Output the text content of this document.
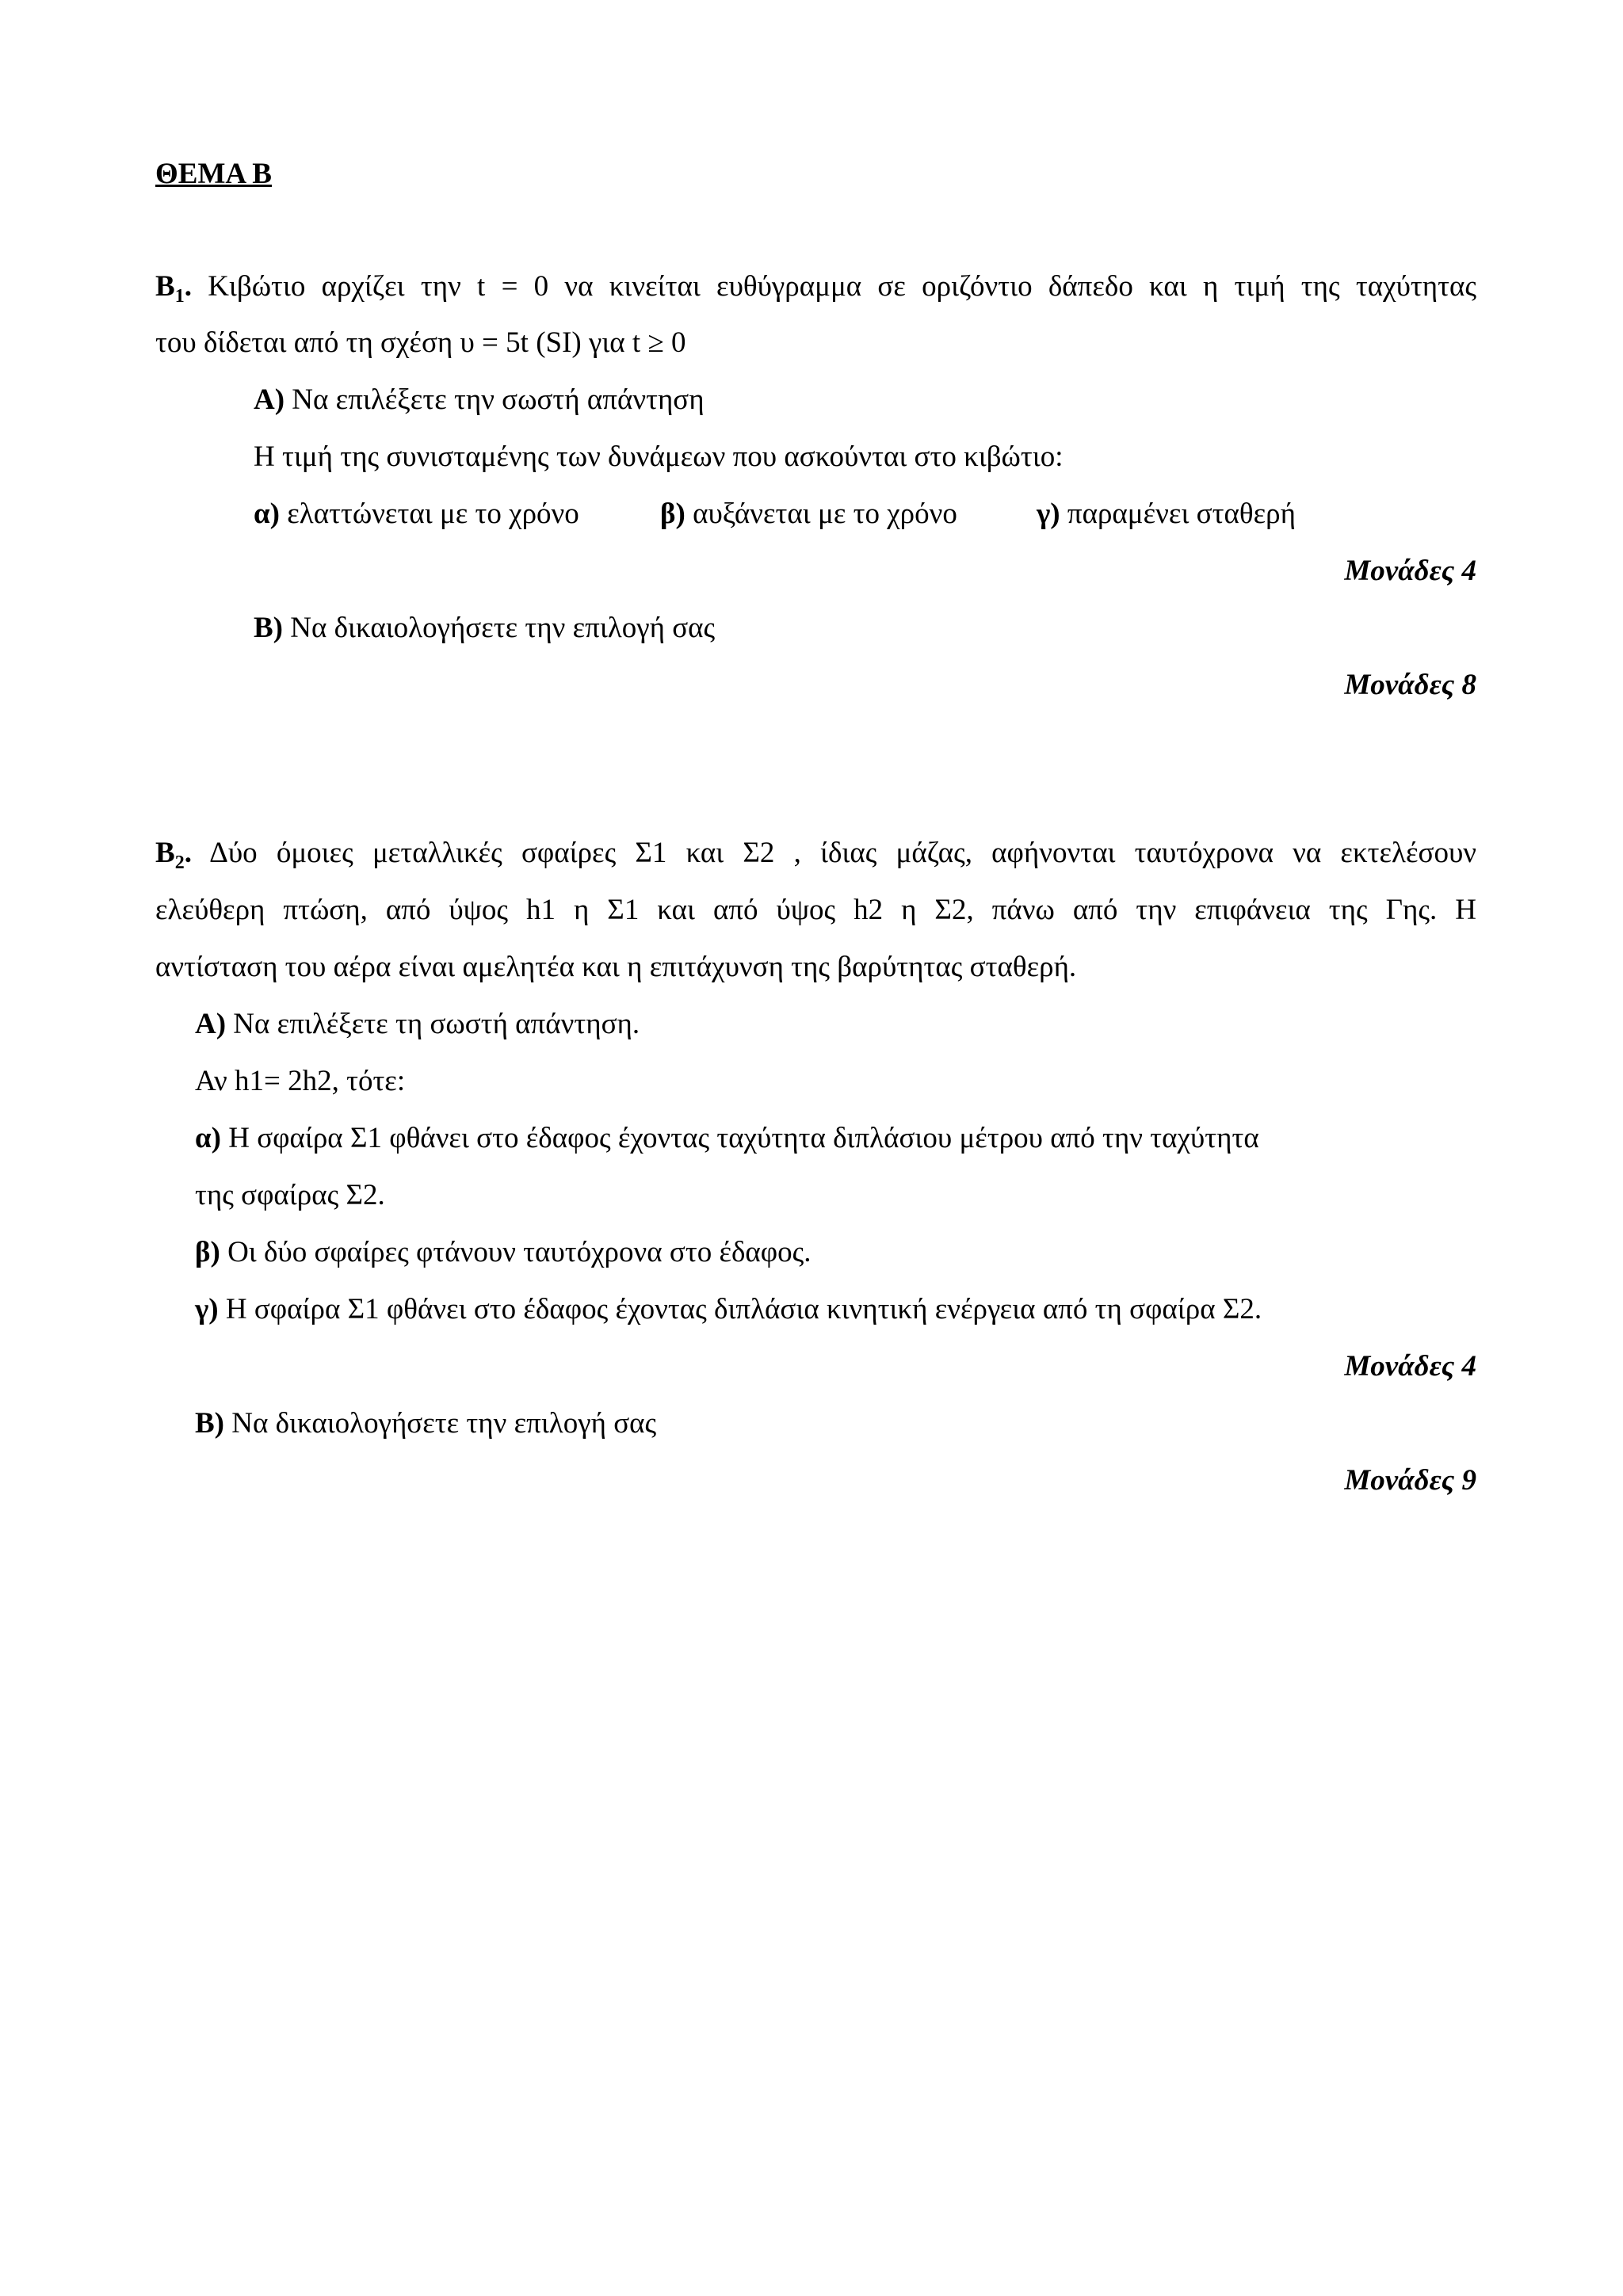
ΘΕΜΑ Β
$B_1$. Κιβώτιο αρχίζει την t = 0 να κινείται ευθύγραμμα σε οριζόντιο δάπεδο και η τιμή της ταχύτητας
του δίδεται από τη σχέση υ = 5t (SI) για t ≥ 0
Α) Να επιλέξετε την σωστή απάντηση
Η τιμή της συνισταμένης των δυνάμεων που ασκούνται στο κιβώτιο:
α) ελαττώνεται με το χρόνο	β) αυξάνεται με το χρόνο	γ) παραμένει σταθερή
Μονάδες 4
Β) Να δικαιολογήσετε την επιλογή σας
Μονάδες 8
$B_2$. Δύο όμοιες μεταλλικές σφαίρες Σ1 και Σ2 , ίδιας μάζας, αφήνονται ταυτόχρονα να εκτελέσουν
ελεύθερη πτώση, από ύψος h1 η Σ1 και από ύψος h2 η Σ2, πάνω από την επιφάνεια της Γης. Η
αντίσταση του αέρα είναι αμελητέα και η επιτάχυνση της βαρύτητας σταθερή.
Α) Να επιλέξετε τη σωστή απάντηση.
Αν h1= 2h2, τότε:
α) Η σφαίρα Σ1 φθάνει στο έδαφος έχοντας ταχύτητα διπλάσιου μέτρου από την ταχύτητα
της σφαίρας Σ2.
β) Οι δύο σφαίρες φτάνουν ταυτόχρονα στο έδαφος.
γ) Η σφαίρα Σ1 φθάνει στο έδαφος έχοντας διπλάσια κινητική ενέργεια από τη σφαίρα Σ2.
Μονάδες 4
Β) Να δικαιολογήσετε την επιλογή σας
Μονάδες 9
